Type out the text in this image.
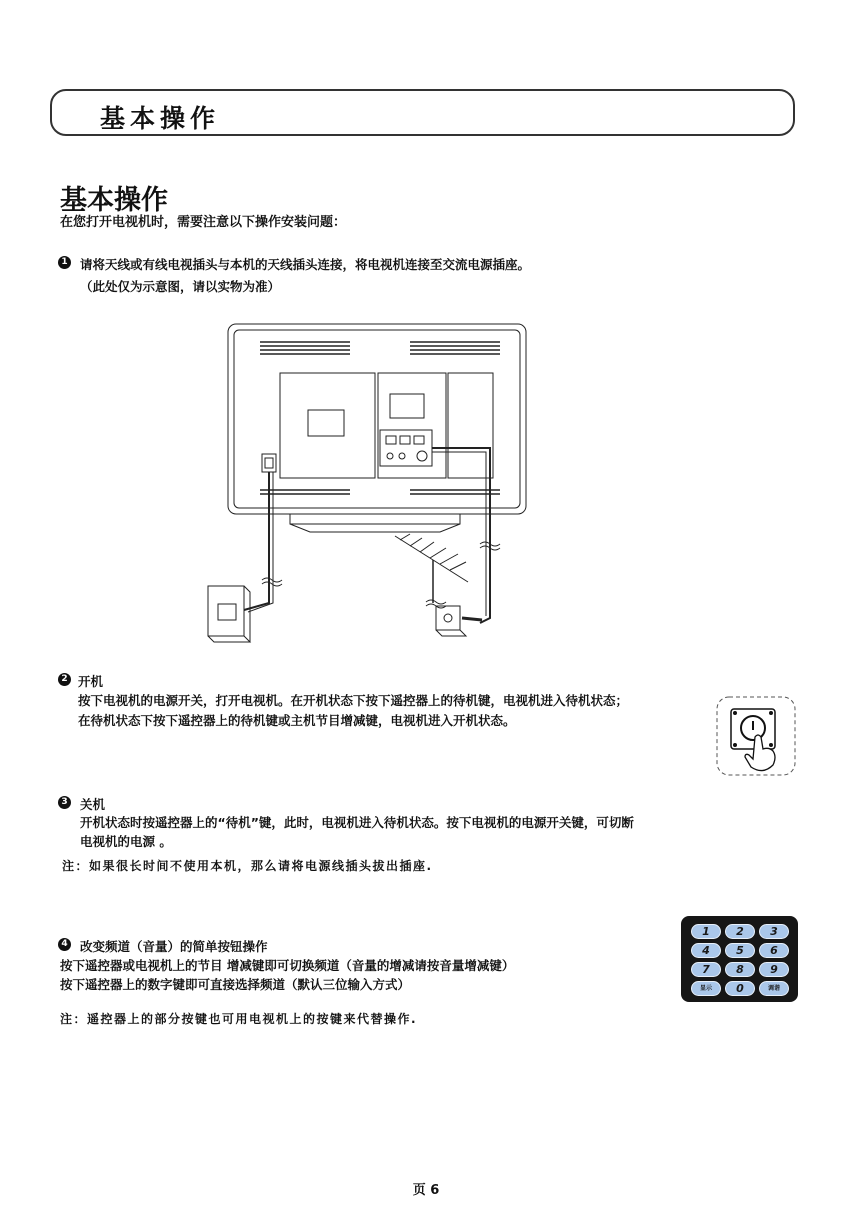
基本操作
基本操作
在您打开电视机时，需要注意以下操作安装问题：
1 请将天线或有线电视插头与本机的天线插头连接，将电视机连接至交流电源插座。
（此处仅为示意图，请以实物为准）
2 开机
按下电视机的电源开关，打开电视机。在开机状态下按下遥控器上的待机键，电视机进入待机状态；
在待机状态下按下遥控器上的待机键或主机节目增减键，电视机进入开机状态。
3 关机
开机状态时按遥控器上的“待机”键，此时，电视机进入待机状态。按下电视机的电源开关键，可切断
电视机的电源 。
注：如果很长时间不使用本机，那么请将电源线插头拔出插座.
4 改变频道（音量）的简单按钮操作
按下遥控器或电视机上的节目 增减键即可切换频道（音量的增减请按音量增减键）
按下遥控器上的数字键即可直接选择频道（默认三位输入方式）
注：遥控器上的部分按键也可用电视机上的按键来代替操作.
1	2	3
4	5	6
7	8	9
显示	0	调谐
页 6
